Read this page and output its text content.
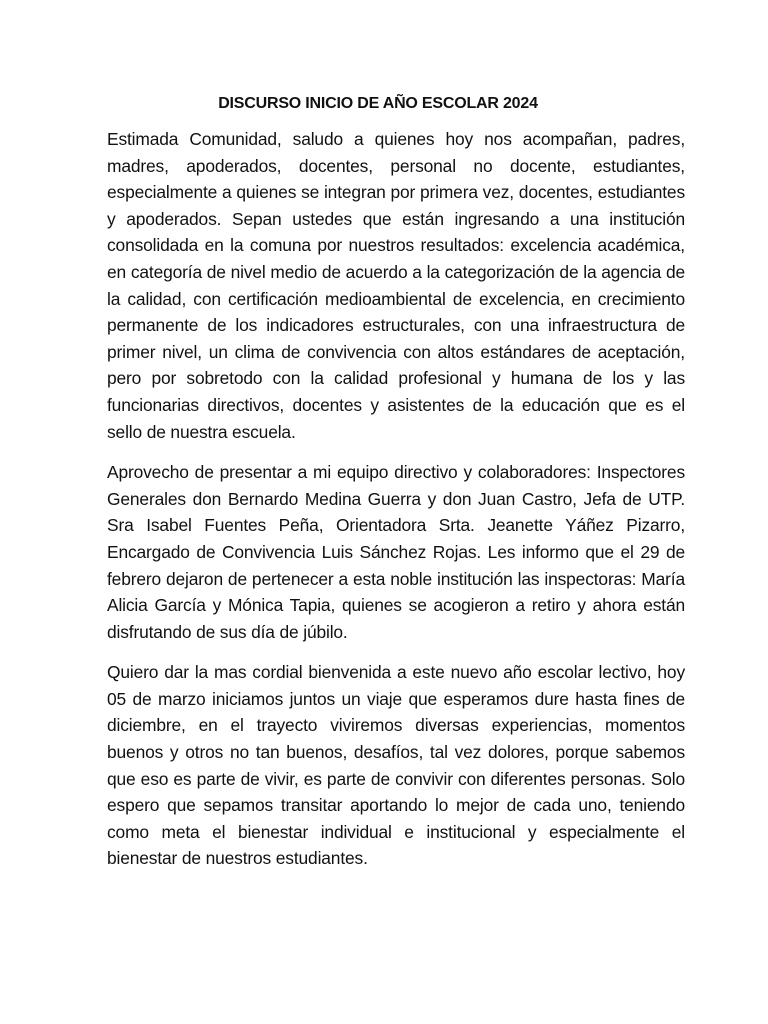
DISCURSO INICIO DE AÑO ESCOLAR 2024

Estimada Comunidad, saludo a quienes hoy nos acompañan, padres, madres, apoderados, docentes, personal no docente, estudiantes, especialmente a quienes se integran por primera vez, docentes, estudiantes y apoderados. Sepan ustedes que están ingresando a una institución consolidada en la comuna por nuestros resultados: excelencia académica, en categoría de nivel medio de acuerdo a la categorización de la agencia de la calidad, con certificación medioambiental de excelencia, en crecimiento permanente de los indicadores estructurales, con una infraestructura de primer nivel, un clima de convivencia con altos estándares de aceptación, pero por sobretodo con la calidad profesional y humana de los y las funcionarias directivos, docentes y asistentes de la educación que es el sello de nuestra escuela.

Aprovecho de presentar a mi equipo directivo y colaboradores: Inspectores Generales don Bernardo Medina Guerra y don Juan Castro, Jefa de UTP. Sra Isabel Fuentes Peña, Orientadora Srta. Jeanette Yáñez Pizarro, Encargado de Convivencia Luis Sánchez Rojas. Les informo que el 29 de febrero dejaron de pertenecer a esta noble institución las inspectoras: María Alicia García y Mónica Tapia, quienes se acogieron a retiro y ahora están disfrutando de sus día de júbilo.

Quiero dar la mas cordial bienvenida a este nuevo año escolar lectivo, hoy 05 de marzo iniciamos juntos un viaje que esperamos dure hasta fines de diciembre, en el trayecto viviremos diversas experiencias, momentos buenos y otros no tan buenos, desafíos, tal vez dolores, porque sabemos que eso es parte de vivir, es parte de convivir con diferentes personas. Solo espero que sepamos transitar aportando lo mejor de cada uno, teniendo como meta el bienestar individual e institucional y especialmente el bienestar de nuestros estudiantes.
